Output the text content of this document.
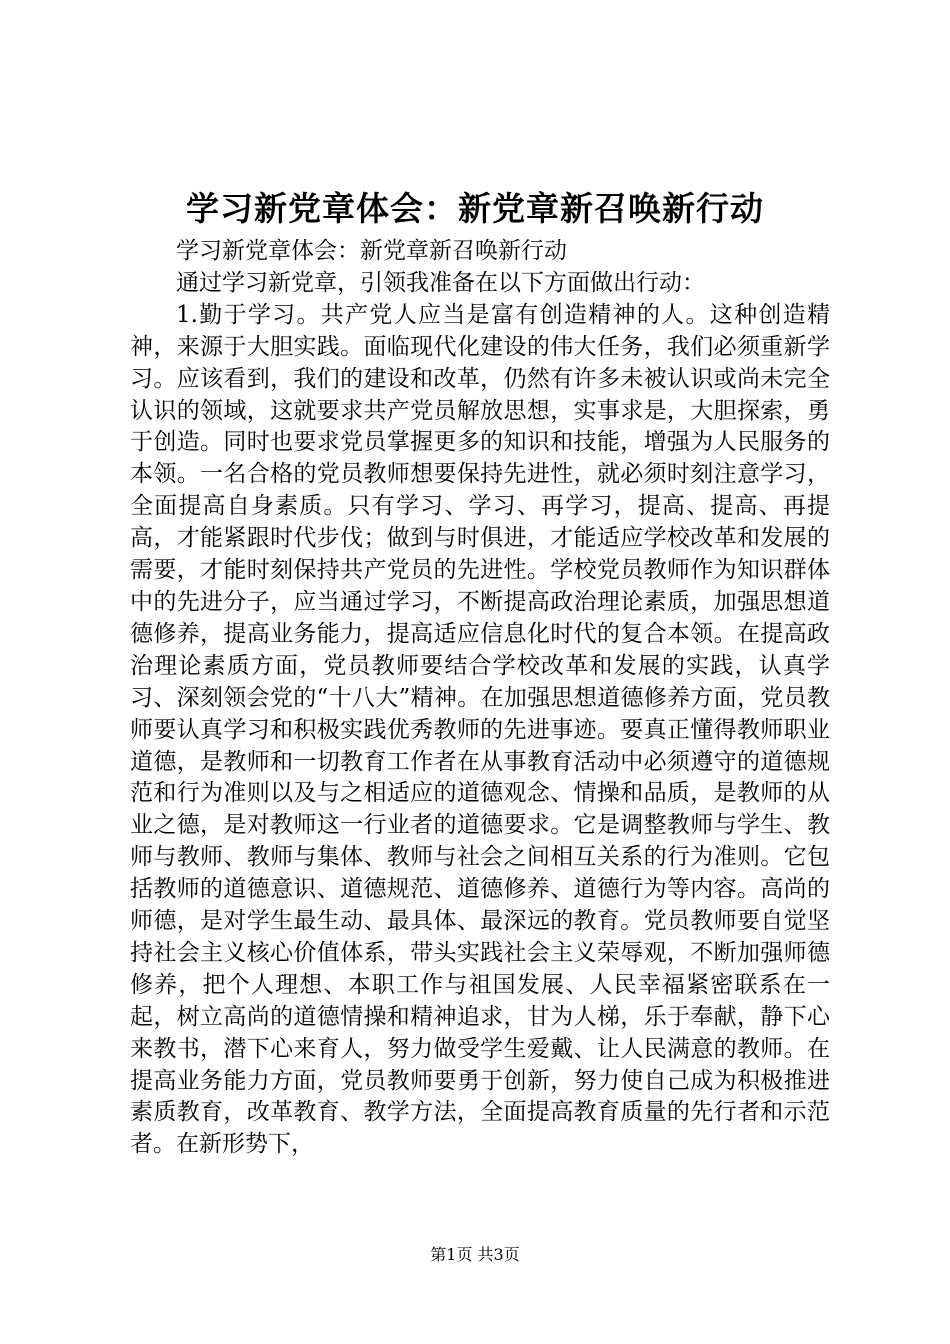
学习新党章体会：新党章新召唤新行动

学习新党章体会：新党章新召唤新行动

通过学习新党章，引领我准备在以下方面做出行动：

1.勤于学习。共产党人应当是富有创造精神的人。这种创造精神，来源于大胆实践。面临现代化建设的伟大任务，我们必须重新学习。应该看到，我们的建设和改革，仍然有许多未被认识或尚未完全认识的领域，这就要求共产党员解放思想，实事求是，大胆探索，勇于创造。同时也要求党员掌握更多的知识和技能，增强为人民服务的本领。一名合格的党员教师想要保持先进性，就必须时刻注意学习，全面提高自身素质。只有学习、学习、再学习，提高、提高、再提高，才能紧跟时代步伐；做到与时俱进，才能适应学校改革和发展的需要，才能时刻保持共产党员的先进性。学校党员教师作为知识群体中的先进分子，应当通过学习，不断提高政治理论素质，加强思想道德修养，提高业务能力，提高适应信息化时代的复合本领。在提高政治理论素质方面，党员教师要结合学校改革和发展的实践，认真学习、深刻领会党的“十八大”精神。在加强思想道德修养方面，党员教师要认真学习和积极实践优秀教师的先进事迹。要真正懂得教师职业道德，是教师和一切教育工作者在从事教育活动中必须遵守的道德规范和行为准则以及与之相适应的道德观念、情操和品质，是教师的从业之德，是对教师这一行业者的道德要求。它是调整教师与学生、教师与教师、教师与集体、教师与社会之间相互关系的行为准则。它包括教师的道德意识、道德规范、道德修养、道德行为等内容。高尚的师德，是对学生最生动、最具体、最深远的教育。党员教师要自觉坚持社会主义核心价值体系，带头实践社会主义荣辱观，不断加强师德修养，把个人理想、本职工作与祖国发展、人民幸福紧密联系在一起，树立高尚的道德情操和精神追求，甘为人梯，乐于奉献，静下心来教书，潜下心来育人，努力做受学生爱戴、让人民满意的教师。在提高业务能力方面，党员教师要勇于创新，努力使自己成为积极推进素质教育，改革教育、教学方法，全面提高教育质量的先行者和示范者。在新形势下，

第1页 共3页
